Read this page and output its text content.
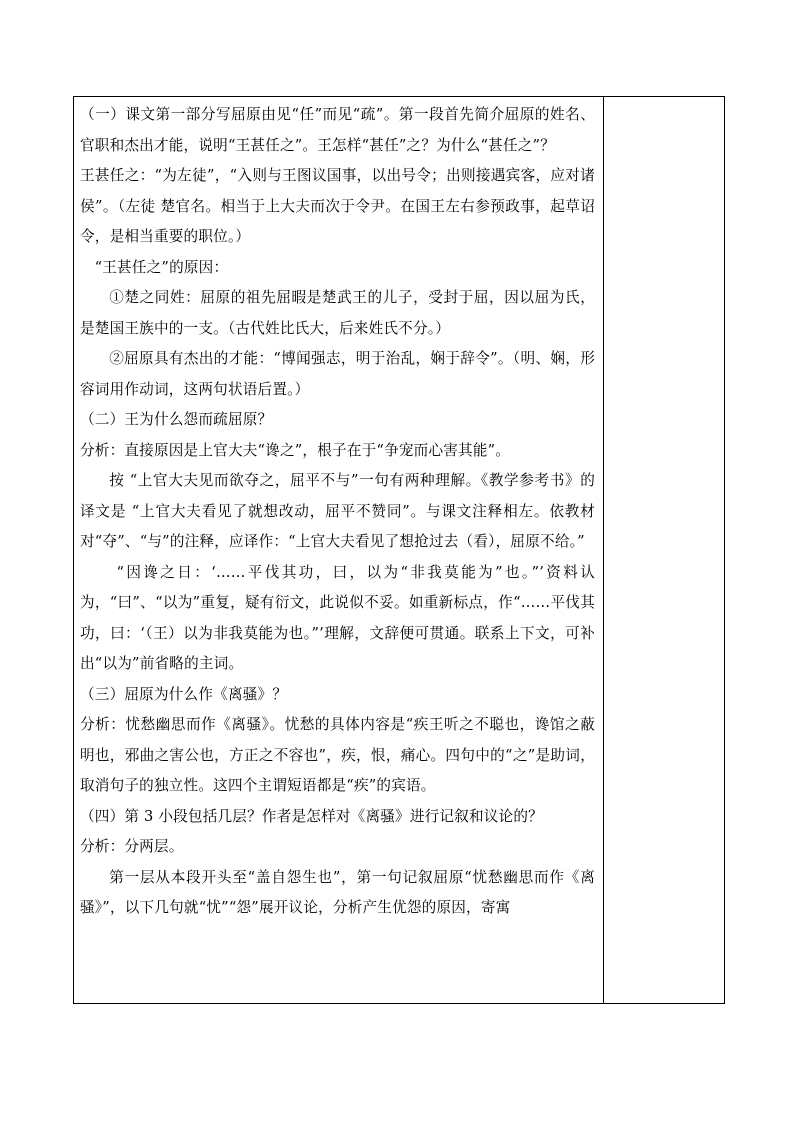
（一）课文第一部分写屈原由见“任”而见“疏”。第一段首先简介屈原的姓名、官职和杰出才能，说明“王甚任之”。王怎样“甚任”之？为什么“甚任之”？

王甚任之：“为左徒”，“入则与王图议国事，以出号令；出则接遇宾客，应对诸侯”。（左徒 楚官名。相当于上大夫而次于令尹。在国王左右参预政事，起草诏令，是相当重要的职位。）

“王甚任之”的原因：

①楚之同姓：屈原的祖先屈暇是楚武王的儿子，受封于屈，因以屈为氏，是楚国王族中的一支。（古代姓比氏大，后来姓氏不分。）

②屈原具有杰出的才能：“博闻强志，明于治乱，娴于辞令”。（明、娴，形容词用作动词，这两句状语后置。）

（二）王为什么怨而疏屈原？

分析：直接原因是上官大夫“谗之”，根子在于“争宠而心害其能”。

按 “上官大夫见而欲夺之，屈平不与”一句有两种理解。《教学参考书》的译文是 “上官大夫看见了就想改动，屈平不赞同”。与课文注释相左。依教材对“夺”、“与”的注释，应译作：“上官大夫看见了想抢过去（看），屈原不给。”

“因谗之日：‘……平伐其功，曰，以为“非我莫能为”也。”’资料认为，“曰”、“以为”重复，疑有衍文，此说似不妥。如重新标点，作“……平伐其功，曰：‘（王）以为非我莫能为也。”’理解，文辞便可贯通。联系上下文，可补出“以为”前省略的主词。

（三）屈原为什么作《离骚》？

分析：忧愁幽思而作《离骚》。忧愁的具体内容是“疾王听之不聪也，谗馆之蔽明也，邪曲之害公也，方正之不容也”，疾，恨，痛心。四句中的“之”是助词，取消句子的独立性。这四个主谓短语都是“疾”的宾语。

（四）第 3 小段包括几层？作者是怎样对《离骚》进行记叙和议论的？

分析：分两层。

第一层从本段开头至“盖自怨生也”，第一句记叙屈原“忧愁幽思而作《离骚》”，以下几句就“忧”“怨”展开议论，分析产生优怨的原因，寄寓
